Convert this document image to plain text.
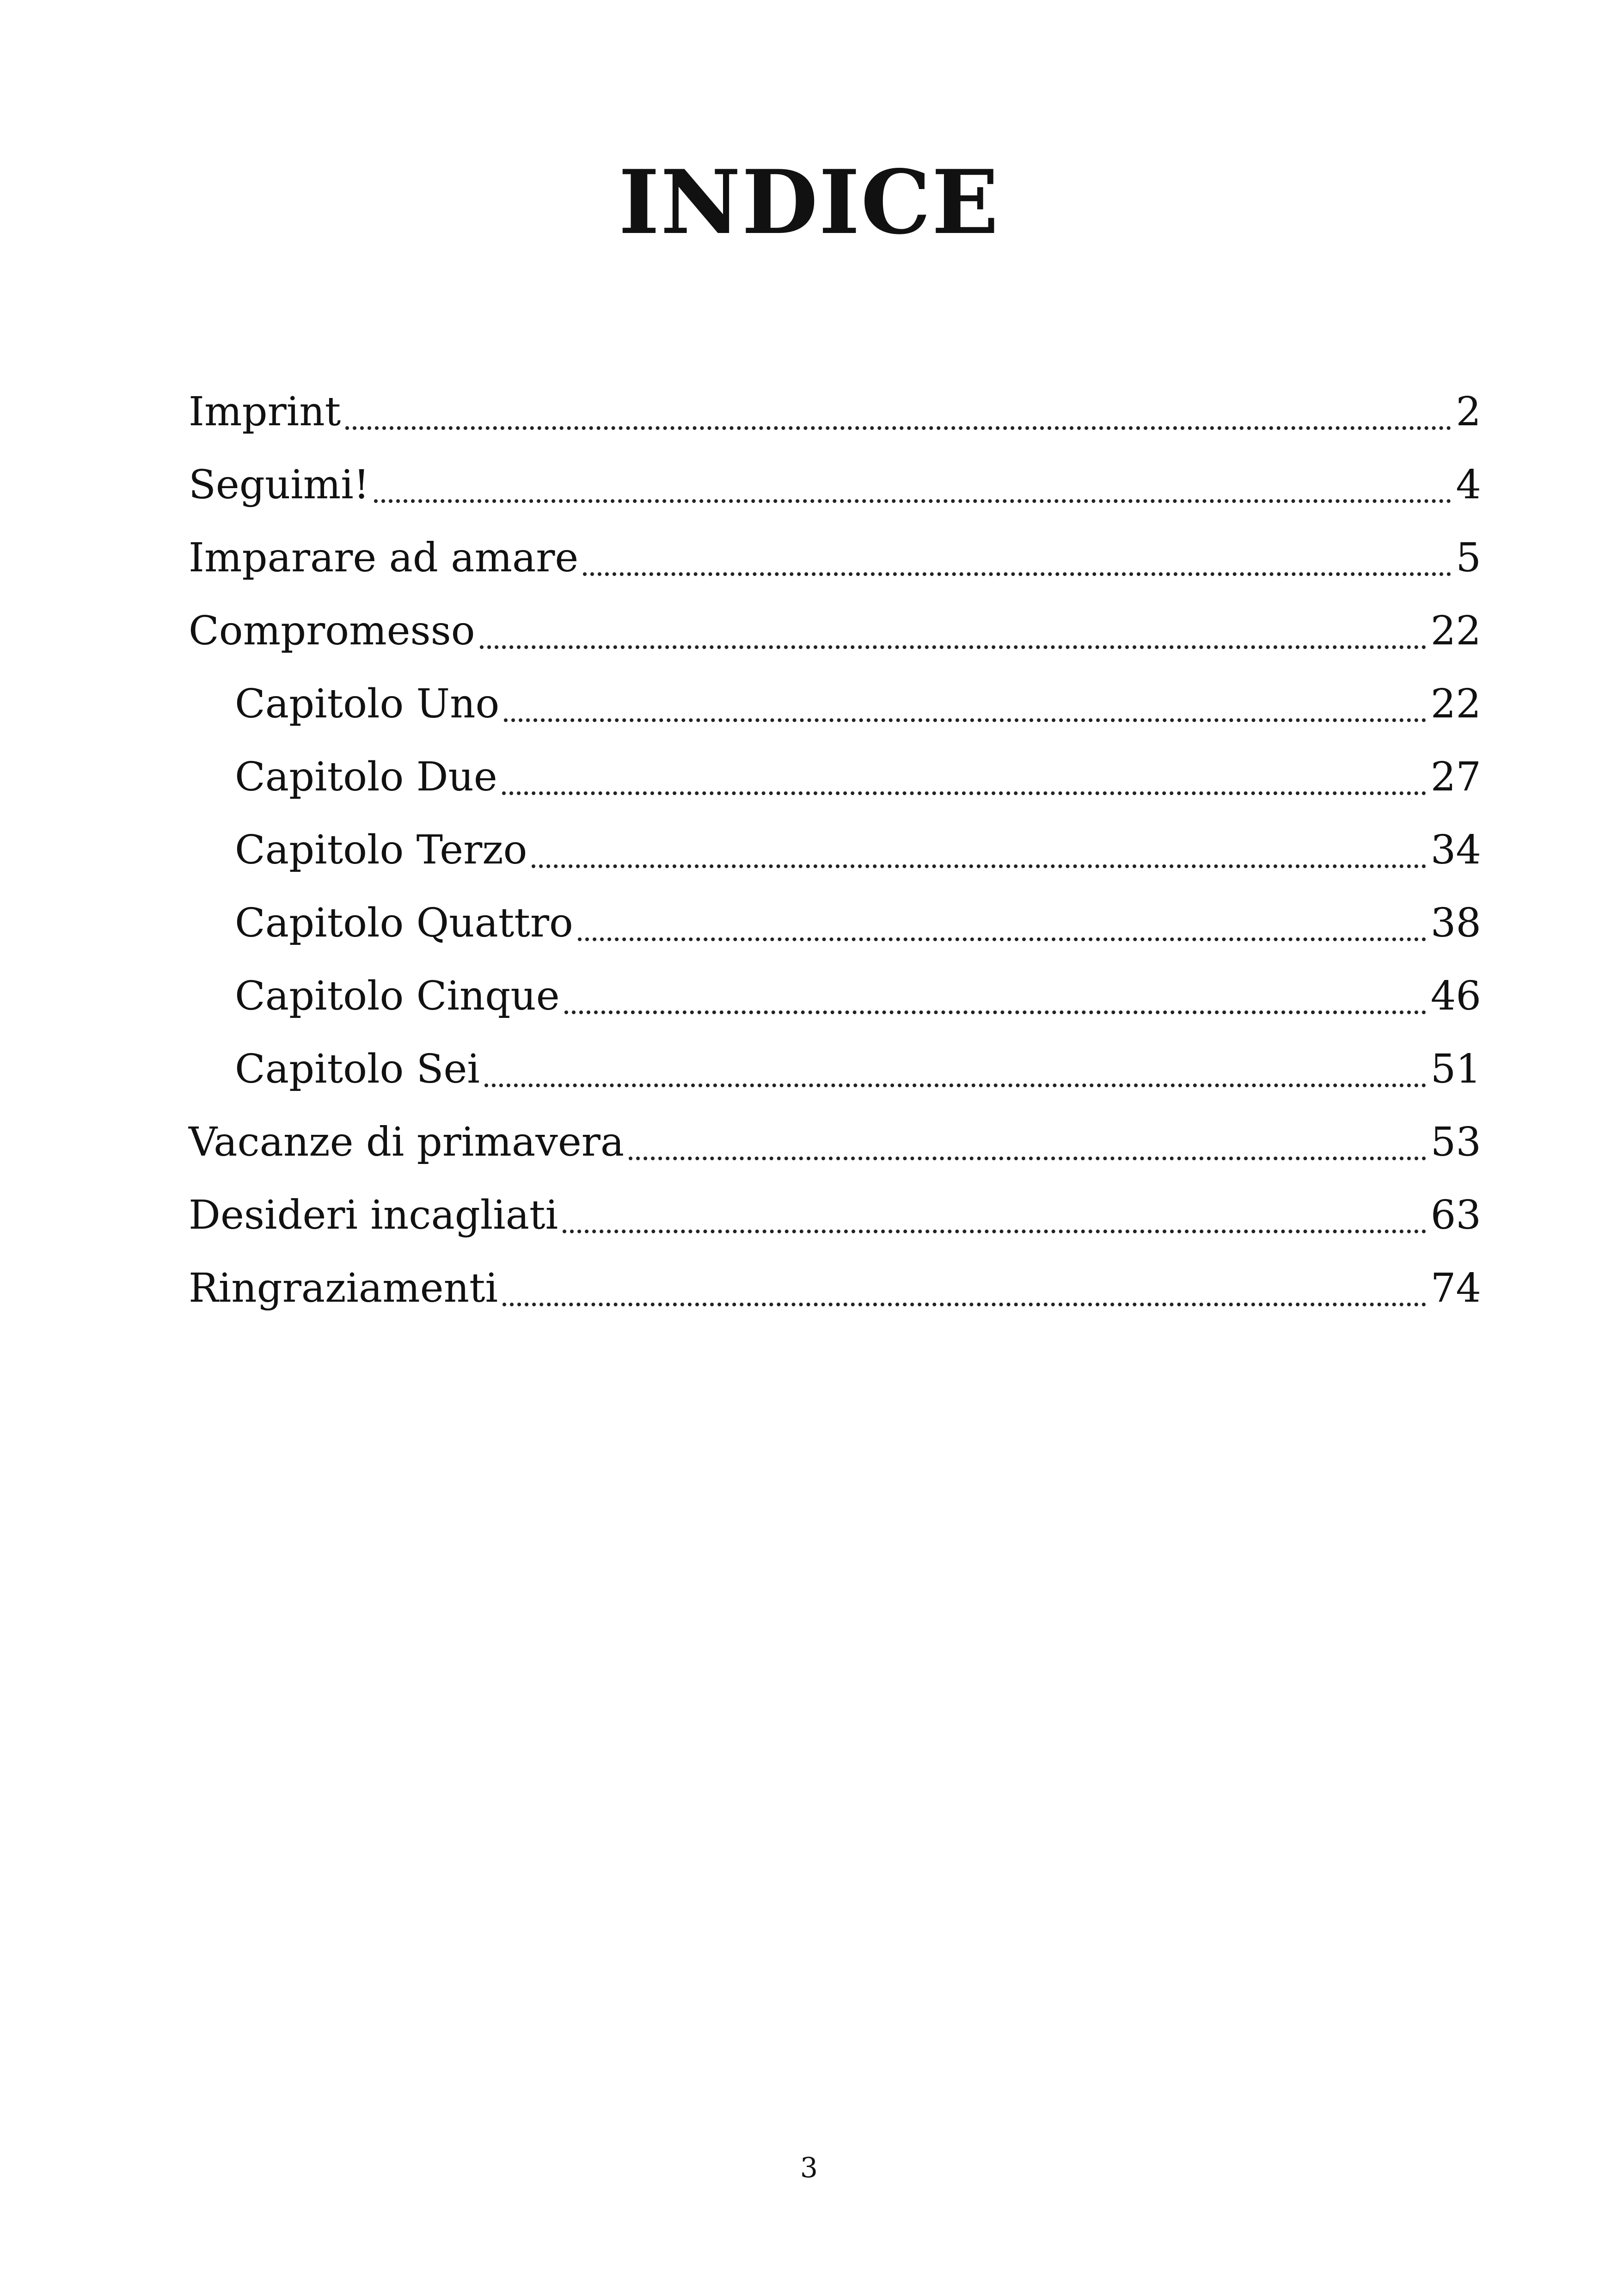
INDICE
Imprint	2
Seguimi!	4
Imparare ad amare	5
Compromesso	22
Capitolo Uno	22
Capitolo Due	27
Capitolo Terzo	34
Capitolo Quattro	38
Capitolo Cinque	46
Capitolo Sei	51
Vacanze di primavera	53
Desideri incagliati	63
Ringraziamenti	74
3
